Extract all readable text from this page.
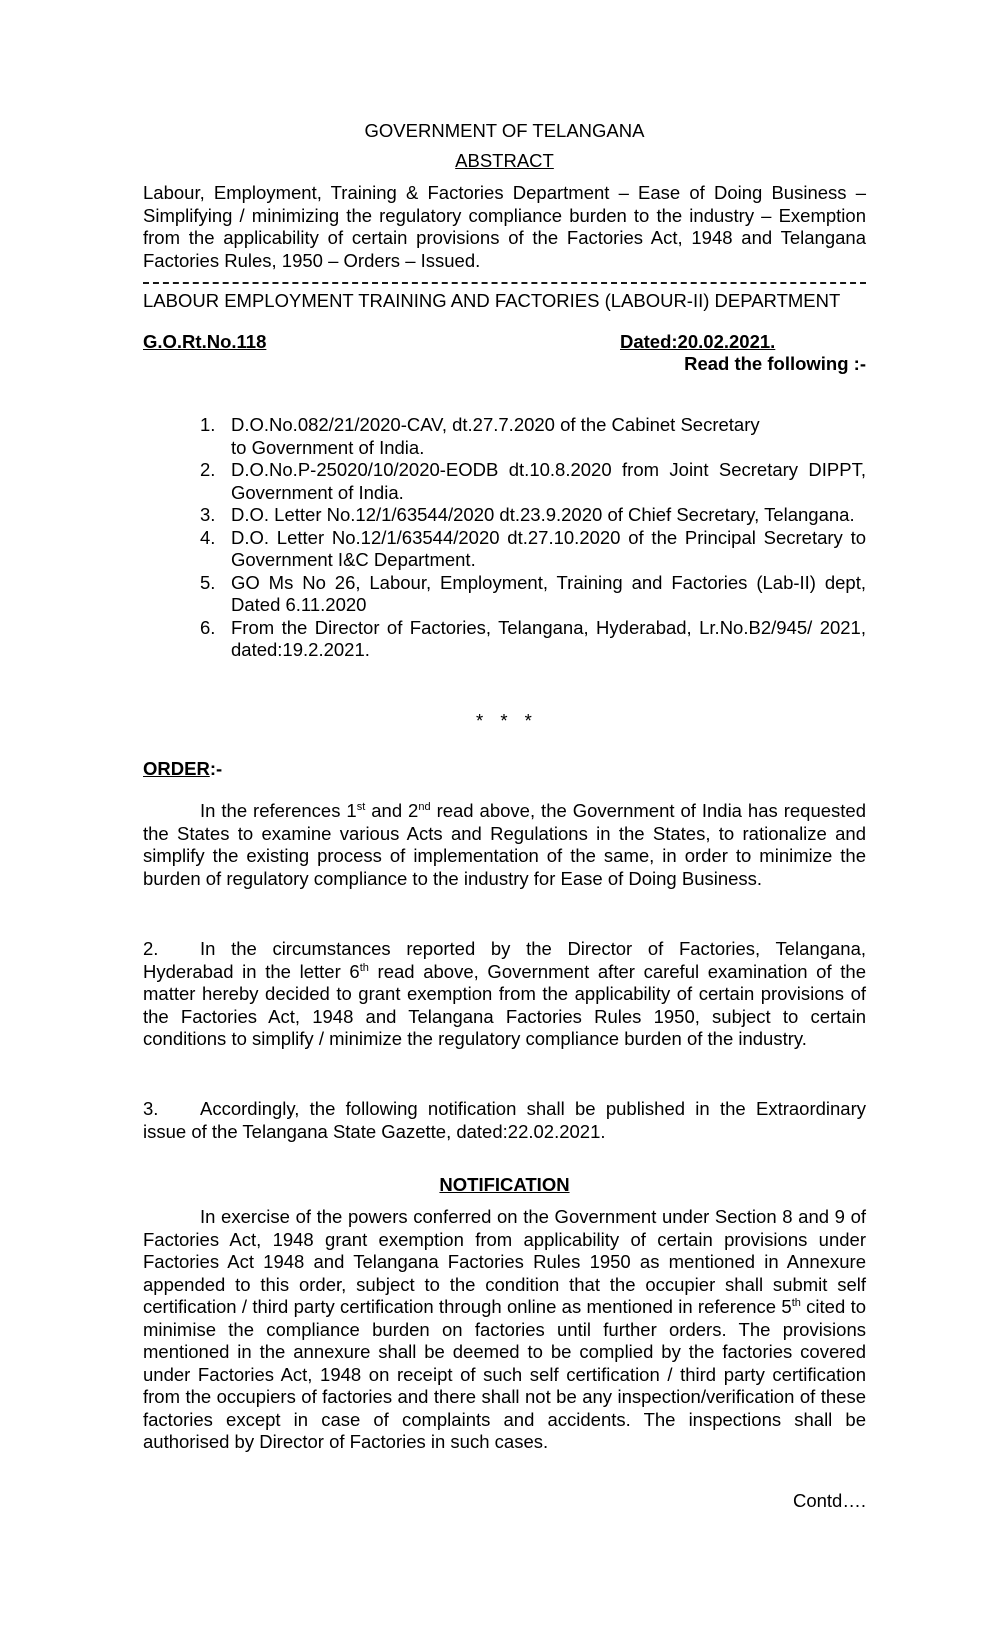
GOVERNMENT OF TELANGANA
ABSTRACT
Labour, Employment, Training & Factories Department – Ease of Doing Business – Simplifying / minimizing the regulatory compliance burden to the industry – Exemption from the applicability of certain provisions of the Factories Act, 1948 and Telangana Factories Rules, 1950 – Orders – Issued.
LABOUR EMPLOYMENT TRAINING AND FACTORIES (LABOUR-II) DEPARTMENT
G.O.Rt.No.118	Dated:20.02.2021.
Read the following :-
1. D.O.No.082/21/2020-CAV, dt.27.7.2020 of the Cabinet Secretary
to Government of India.
2. D.O.No.P-25020/10/2020-EODB dt.10.8.2020 from Joint Secretary DIPPT, Government of India.
3. D.O. Letter No.12/1/63544/2020 dt.23.9.2020 of Chief Secretary, Telangana.
4. D.O. Letter No.12/1/63544/2020 dt.27.10.2020 of the Principal Secretary to Government I&C Department.
5. GO Ms No 26, Labour, Employment, Training and Factories (Lab-II) dept, Dated 6.11.2020
6. From the Director of Factories, Telangana, Hyderabad, Lr.No.B2/945/ 2021, dated:19.2.2021.
* * *
ORDER:-
In the references 1st and 2nd read above, the Government of India has requested the States to examine various Acts and Regulations in the States, to rationalize and simplify the existing process of implementation of the same, in order to minimize the burden of regulatory compliance to the industry for Ease of Doing Business.
2. In the circumstances reported by the Director of Factories, Telangana, Hyderabad in the letter 6th read above, Government after careful examination of the matter hereby decided to grant exemption from the applicability of certain provisions of the Factories Act, 1948 and Telangana Factories Rules 1950, subject to certain conditions to simplify / minimize the regulatory compliance burden of the industry.
3. Accordingly, the following notification shall be published in the Extraordinary issue of the Telangana State Gazette, dated:22.02.2021.
NOTIFICATION
In exercise of the powers conferred on the Government under Section 8 and 9 of Factories Act, 1948 grant exemption from applicability of certain provisions under Factories Act 1948 and Telangana Factories Rules 1950 as mentioned in Annexure appended to this order, subject to the condition that the occupier shall submit self certification / third party certification through online as mentioned in reference 5th cited to minimise the compliance burden on factories until further orders. The provisions mentioned in the annexure shall be deemed to be complied by the factories covered under Factories Act, 1948 on receipt of such self certification / third party certification from the occupiers of factories and there shall not be any inspection/verification of these factories except in case of complaints and accidents. The inspections shall be authorised by Director of Factories in such cases.
Contd….
